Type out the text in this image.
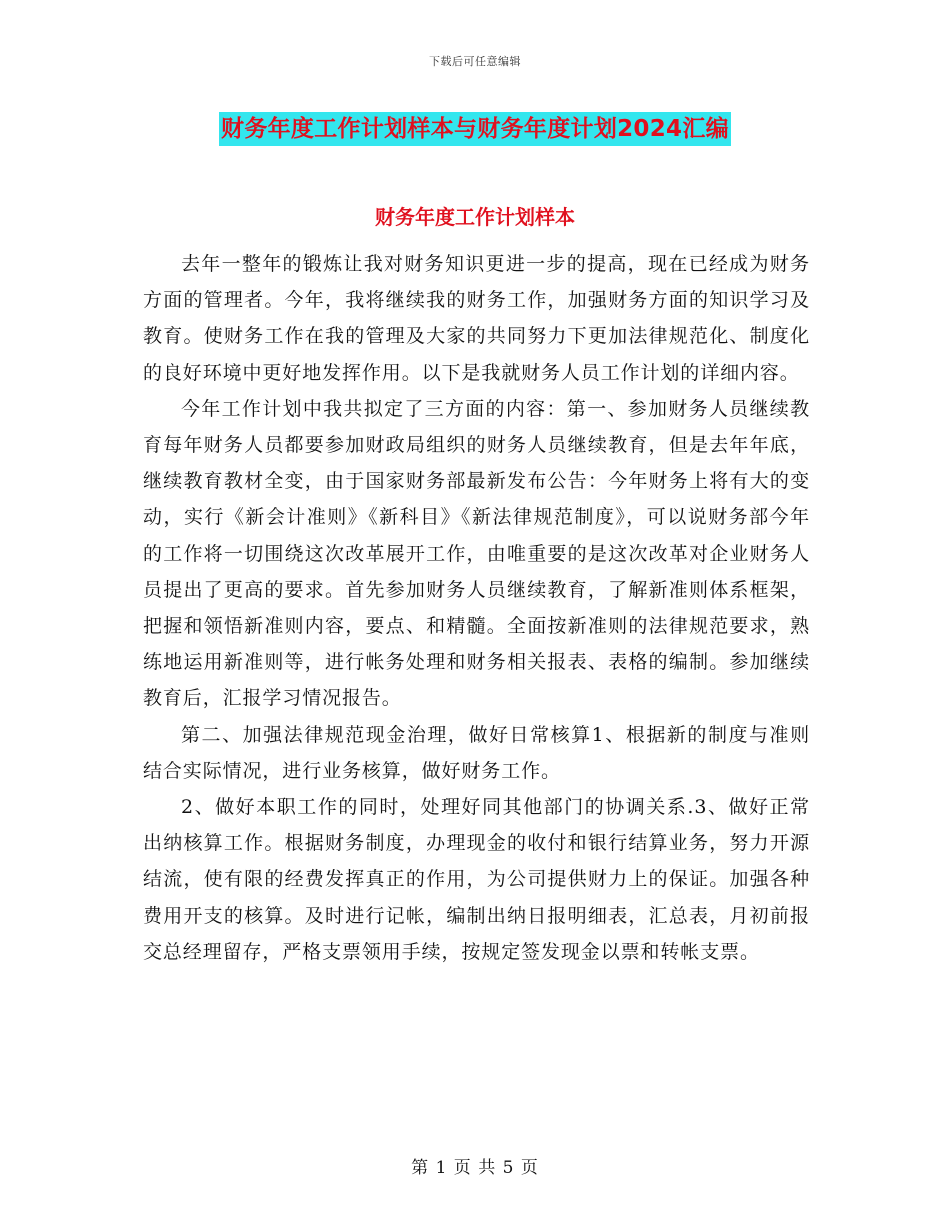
下载后可任意编辑
财务年度工作计划样本与财务年度计划2024汇编
财务年度工作计划样本

去年一整年的锻炼让我对财务知识更进一步的提高，现在已经成为财务方面的管理者。今年，我将继续我的财务工作，加强财务方面的知识学习及教育。使财务工作在我的管理及大家的共同努力下更加法律规范化、制度化的良好环境中更好地发挥作用。以下是我就财务人员工作计划的详细内容。

今年工作计划中我共拟定了三方面的内容：第一、参加财务人员继续教育每年财务人员都要参加财政局组织的财务人员继续教育，但是去年年底，继续教育教材全变，由于国家财务部最新发布公告：今年财务上将有大的变动，实行《新会计准则》《新科目》《新法律规范制度》，可以说财务部今年的工作将一切围绕这次改革展开工作，由唯重要的是这次改革对企业财务人员提出了更高的要求。首先参加财务人员继续教育，了解新准则体系框架，把握和领悟新准则内容，要点、和精髓。全面按新准则的法律规范要求，熟练地运用新准则等，进行帐务处理和财务相关报表、表格的编制。参加继续教育后，汇报学习情况报告。

第二、加强法律规范现金治理，做好日常核算1、根据新的制度与准则结合实际情况，进行业务核算，做好财务工作。

2、做好本职工作的同时，处理好同其他部门的协调关系.3、做好正常出纳核算工作。根据财务制度，办理现金的收付和银行结算业务，努力开源结流，使有限的经费发挥真正的作用，为公司提供财力上的保证。加强各种费用开支的核算。及时进行记帐，编制出纳日报明细表，汇总表，月初前报交总经理留存，严格支票领用手续，按规定签发现金以票和转帐支票。

第 1 页 共 5 页
